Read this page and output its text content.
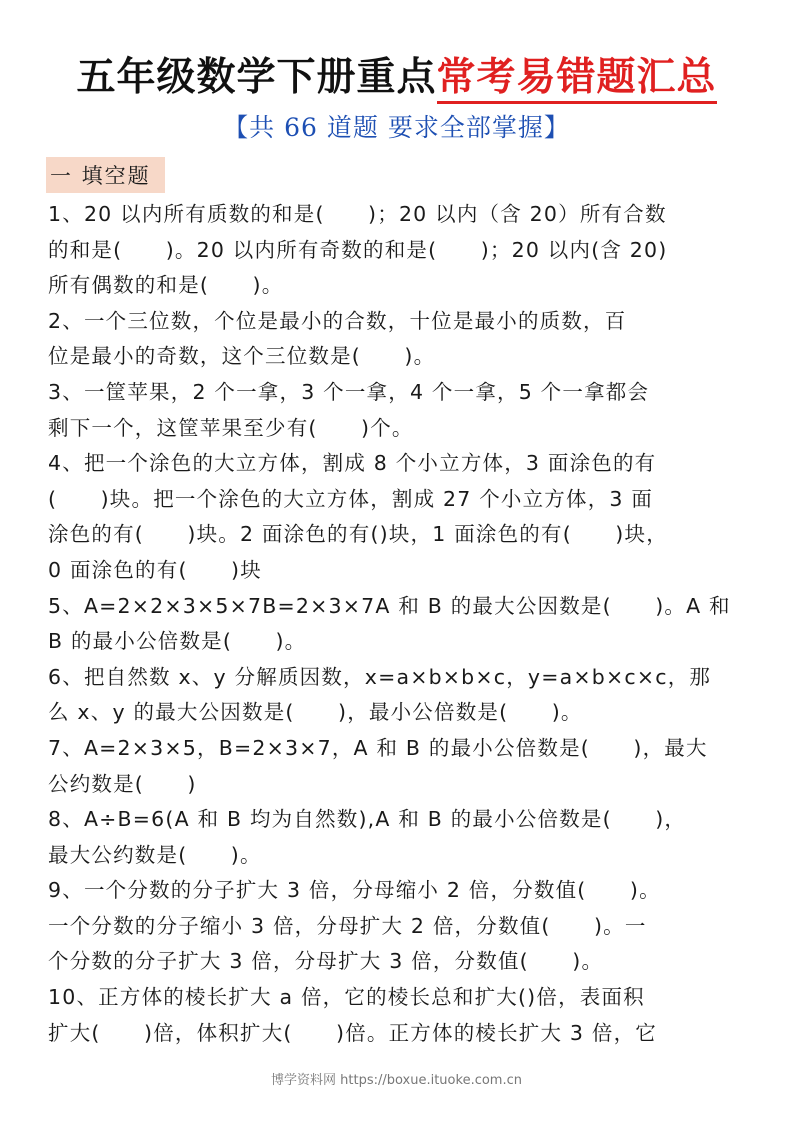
五年级数学下册重点常考易错题汇总
【共 66 道题 要求全部掌握】
一 填空题
1、20 以内所有质数的和是(　　)；20 以内（含 20）所有合数
的和是(　　)。20 以内所有奇数的和是(　　)；20 以内(含 20)
所有偶数的和是(　　)。
2、一个三位数，个位是最小的合数，十位是最小的质数，百
位是最小的奇数，这个三位数是(　　)。
3、一筐苹果，2 个一拿，3 个一拿，4 个一拿，5 个一拿都会
剩下一个，这筐苹果至少有(　　)个。
4、把一个涂色的大立方体，割成 8 个小立方体，3 面涂色的有
(　　)块。把一个涂色的大立方体，割成 27 个小立方体，3 面
涂色的有(　　)块。2 面涂色的有()块，1 面涂色的有(　　)块，
0 面涂色的有(　　)块
5、A=2×2×3×5×7B=2×3×7A 和 B 的最大公因数是(　　)。A 和
B 的最小公倍数是(　　)。
6、把自然数 x、y 分解质因数，x=a×b×b×c，y=a×b×c×c，那
么 x、y 的最大公因数是(　　)，最小公倍数是(　　)。
7、A=2×3×5，B=2×3×7，A 和 B 的最小公倍数是(　　)，最大
公约数是(　　)
8、A÷B=6(A 和 B 均为自然数),A 和 B 的最小公倍数是(　　)，
最大公约数是(　　)。
9、一个分数的分子扩大 3 倍，分母缩小 2 倍，分数值(　　)。
一个分数的分子缩小 3 倍，分母扩大 2 倍，分数值(　　)。一
个分数的分子扩大 3 倍，分母扩大 3 倍，分数值(　　)。
10、正方体的棱长扩大 a 倍，它的棱长总和扩大()倍，表面积
扩大(　　)倍，体积扩大(　　)倍。正方体的棱长扩大 3 倍，它
博学资料网 https://boxue.ituoke.com.cn
